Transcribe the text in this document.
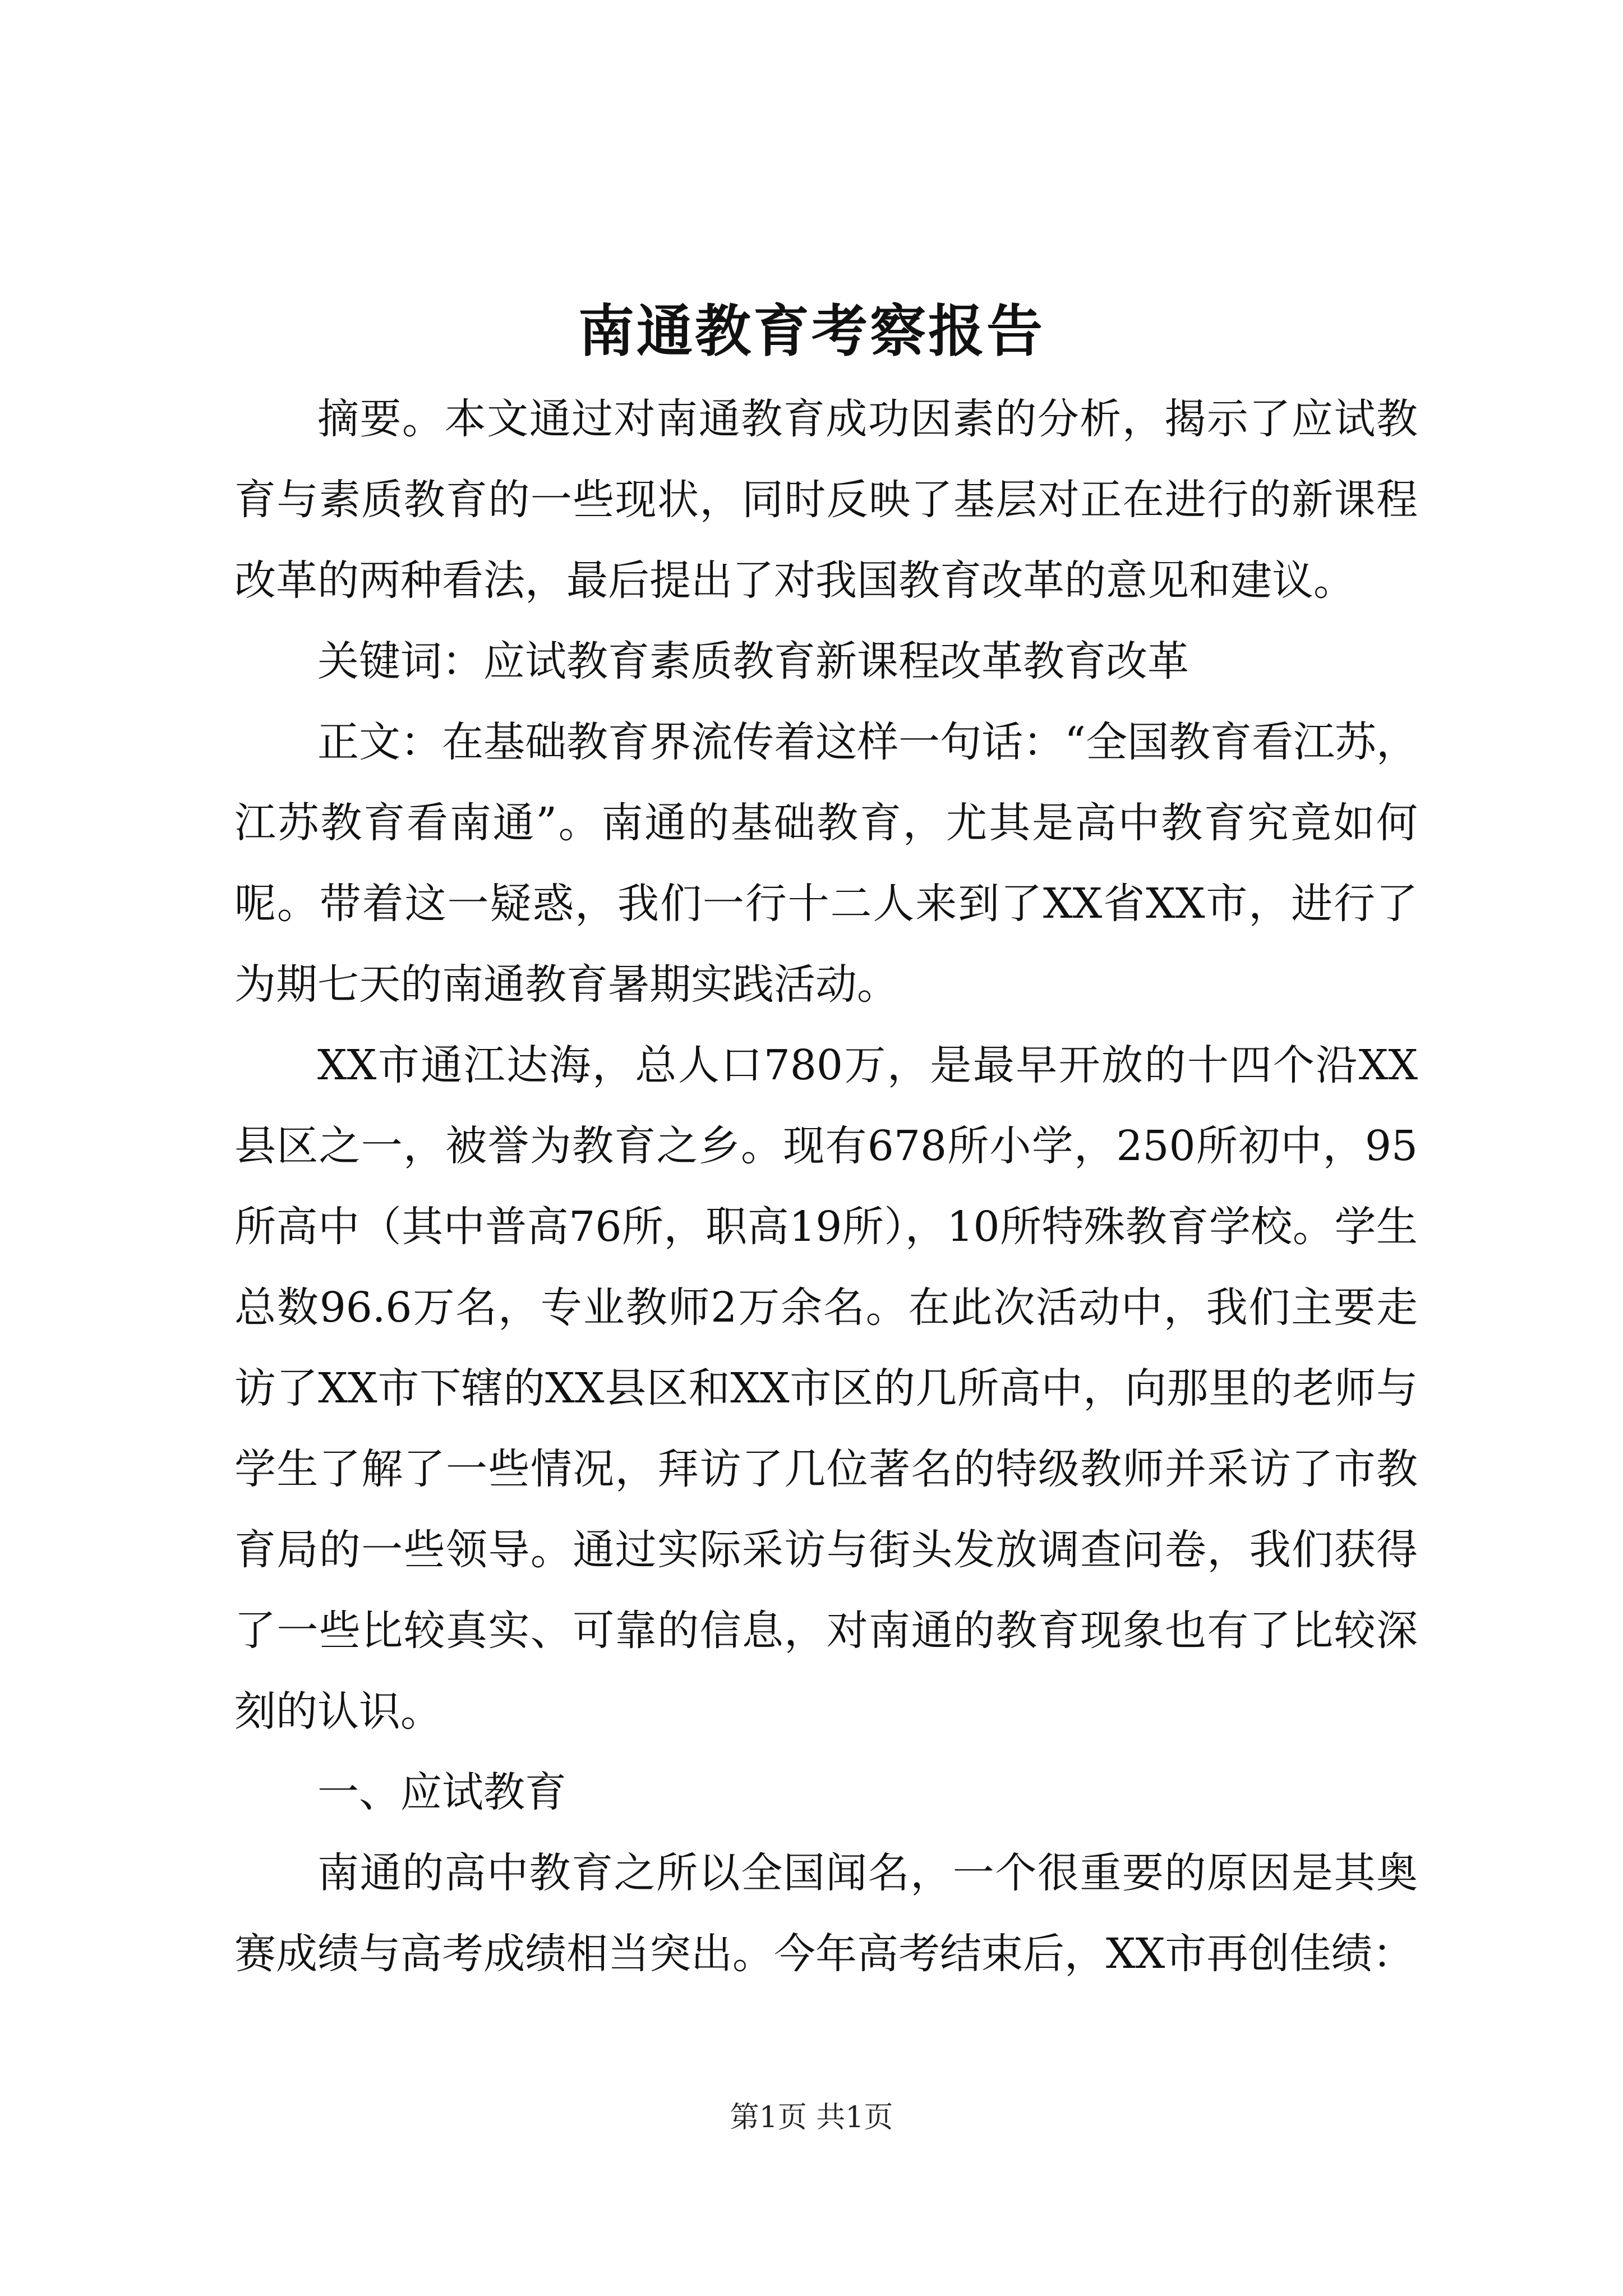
南通教育考察报告

摘要。本文通过对南通教育成功因素的分析，揭示了应试教育与素质教育的一些现状，同时反映了基层对正在进行的新课程改革的两种看法，最后提出了对我国教育改革的意见和建议。

关键词：应试教育素质教育新课程改革教育改革

正文：在基础教育界流传着这样一句话：“全国教育看江苏，江苏教育看南通”。南通的基础教育，尤其是高中教育究竟如何呢。带着这一疑惑，我们一行十二人来到了XX省XX市，进行了为期七天的南通教育暑期实践活动。

XX市通江达海，总人口780万，是最早开放的十四个沿XX县区之一，被誉为教育之乡。现有678所小学，250所初中，95所高中（其中普高76所，职高19所），10所特殊教育学校。学生总数96.6万名，专业教师2万余名。在此次活动中，我们主要走访了XX市下辖的XX县区和XX市区的几所高中，向那里的老师与学生了解了一些情况，拜访了几位著名的特级教师并采访了市教育局的一些领导。通过实际采访与街头发放调查问卷，我们获得了一些比较真实、可靠的信息，对南通的教育现象也有了比较深刻的认识。

一、应试教育

南通的高中教育之所以全国闻名，一个很重要的原因是其奥赛成绩与高考成绩相当突出。今年高考结束后，XX市再创佳绩：

第1页 共1页
